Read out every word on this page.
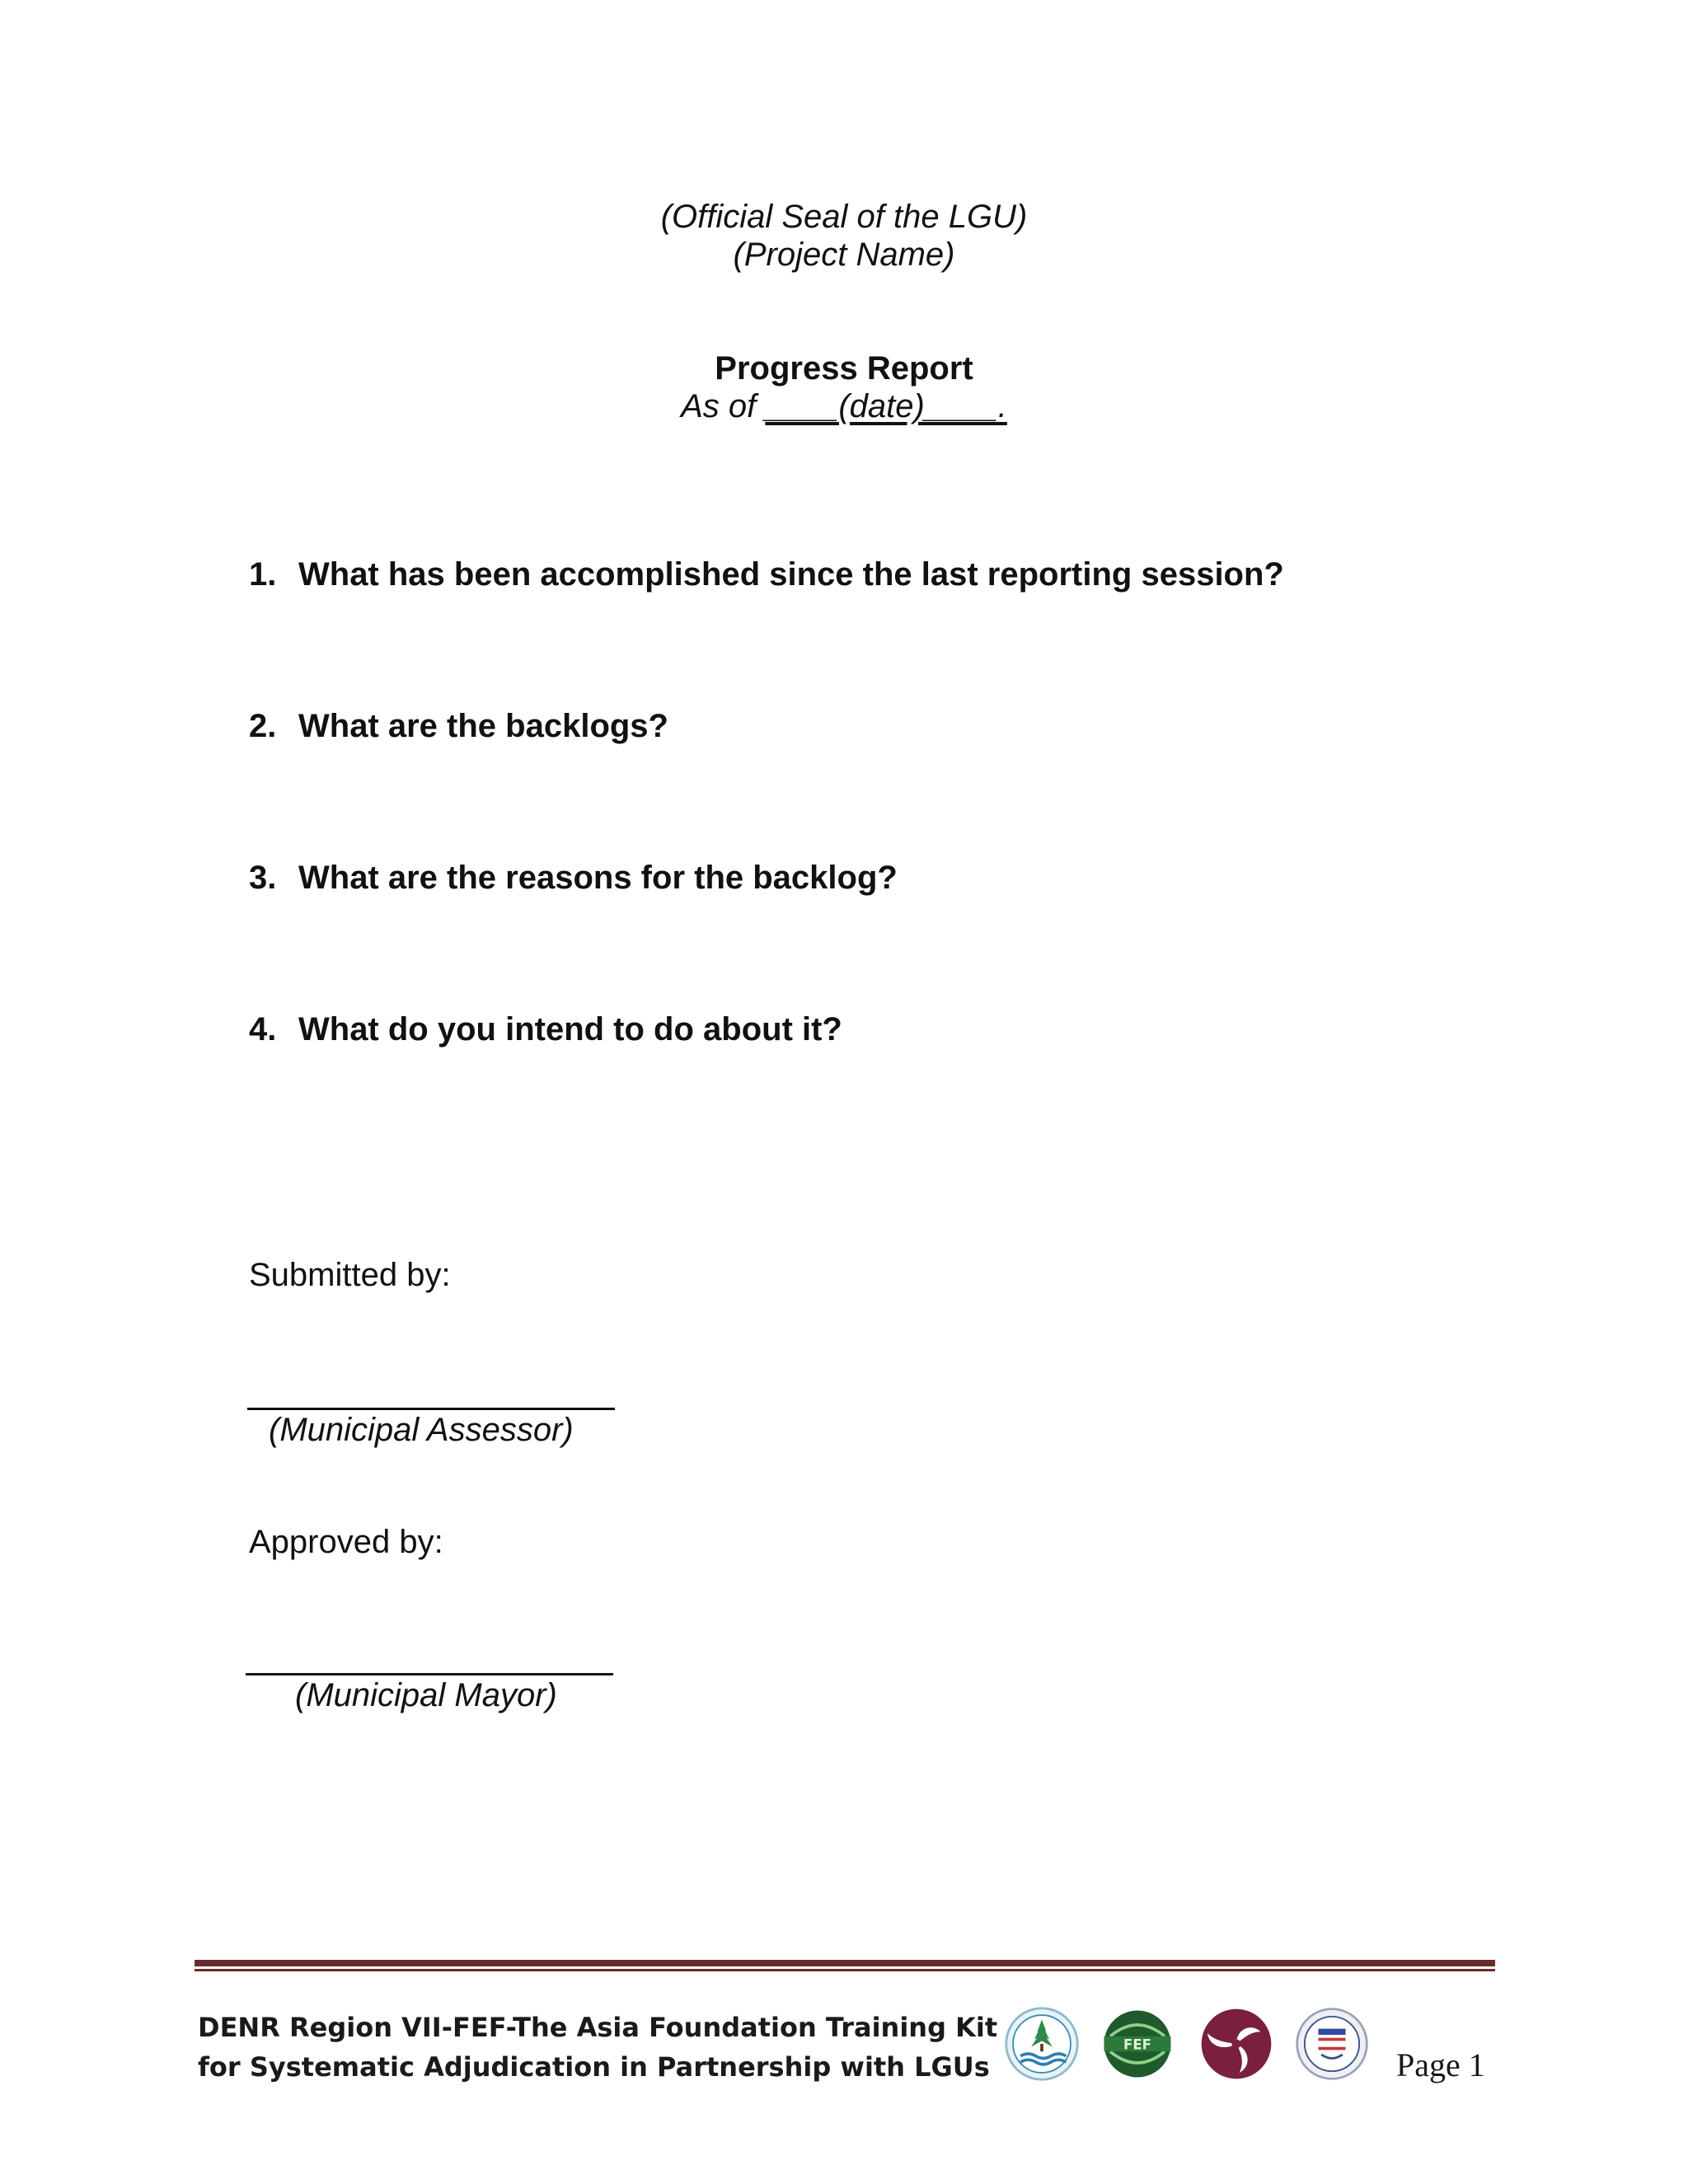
(Official Seal of the LGU)
(Project Name)
Progress Report
As of ____(date)____.
1. What has been accomplished since the last reporting session?
2. What are the backlogs?
3. What are the reasons for the backlog?
4. What do you intend to do about it?
Submitted by:
(Municipal Assessor)
Approved by:
(Municipal Mayor)
DENR Region VII-FEF-The Asia Foundation Training Kit
for Systematic Adjudication in Partnership with LGUs
FEF
Page 1
